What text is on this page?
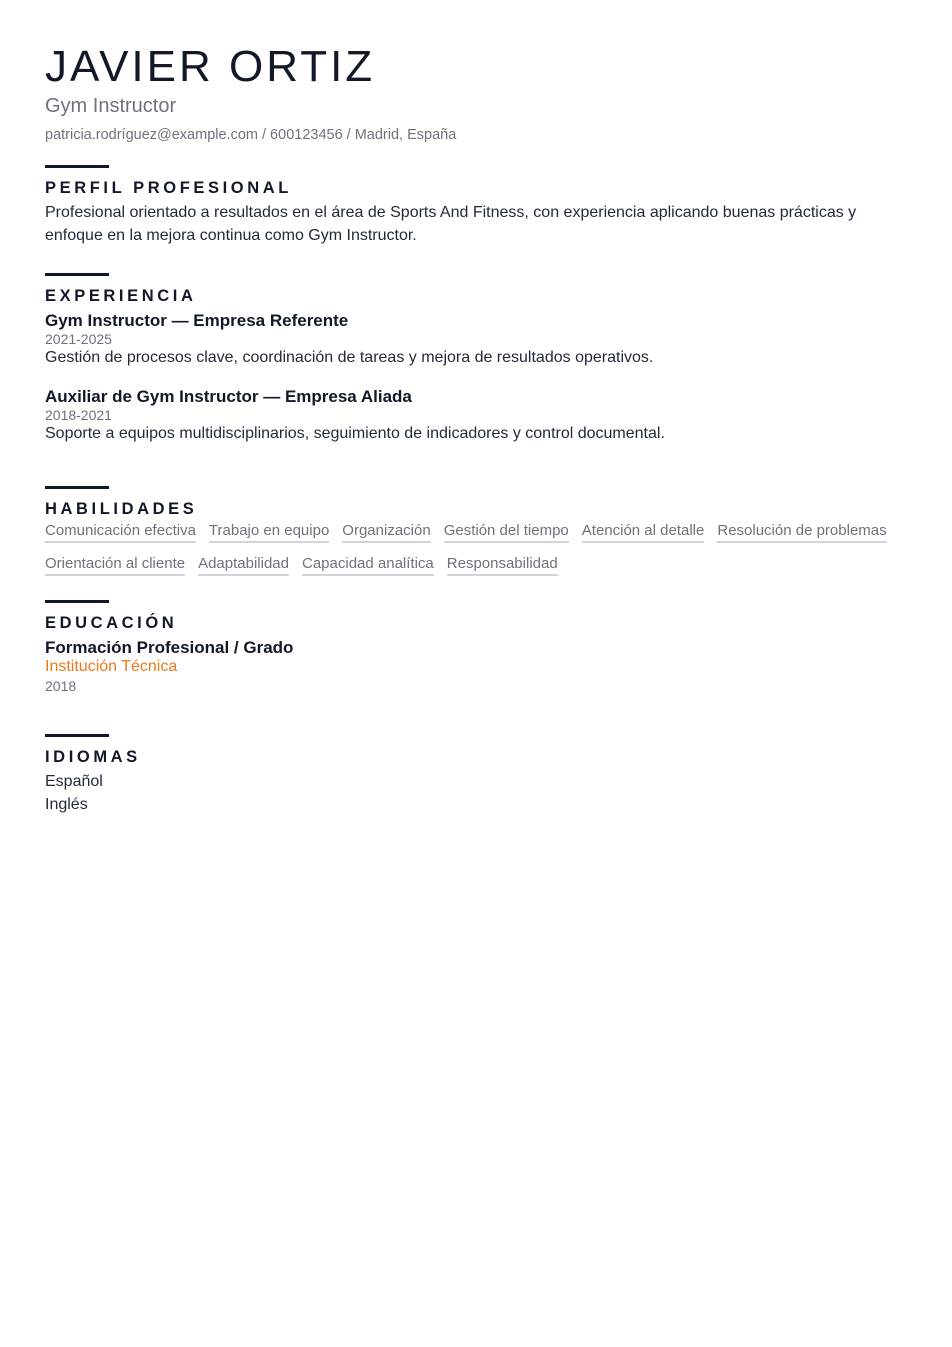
JAVIER ORTIZ
Gym Instructor
patricia.rodríguez@example.com / 600123456 / Madrid, España
PERFIL PROFESIONAL
Profesional orientado a resultados en el área de Sports And Fitness, con experiencia aplicando buenas prácticas y enfoque en la mejora continua como Gym Instructor.
EXPERIENCIA
Gym Instructor — Empresa Referente
2021-2025
Gestión de procesos clave, coordinación de tareas y mejora de resultados operativos.
Auxiliar de Gym Instructor — Empresa Aliada
2018-2021
Soporte a equipos multidisciplinarios, seguimiento de indicadores y control documental.
HABILIDADES
Comunicación efectiva Trabajo en equipo Organización Gestión del tiempo Atención al detalle Resolución de problemas
Orientación al cliente Adaptabilidad Capacidad analítica Responsabilidad
EDUCACIÓN
Formación Profesional / Grado
Institución Técnica
2018
IDIOMAS
Español
Inglés
